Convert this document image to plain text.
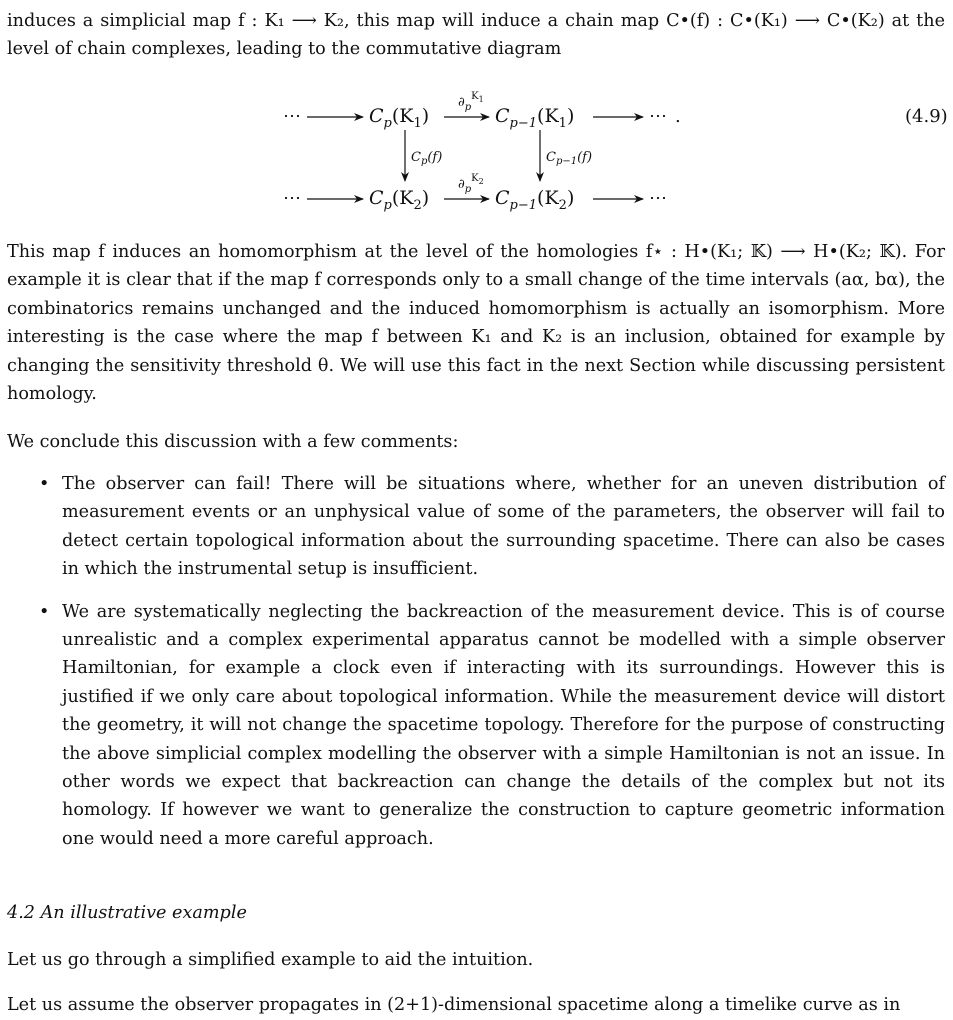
induces a simplicial map f : K₁ ⟶ K₂, this map will induce a chain map C•(f) : C•(K₁) ⟶ C•(K₂) at the level of chain complexes, leading to the commutative diagram

⋯	$C_p(K_1)$
$\partial_p^K_1$
$C_{p-1}(K_1)$	⋯ .	(4.9)
$C_p(f)$	$C_{p-1}(f)$
⋯	$C_p(K_2)$
$\partial_p^K_2$
$C_{p-1}(K_2)$	⋯

This map f induces an homomorphism at the level of the homologies f⋆ : H•(K₁; 𝕂) ⟶ H•(K₂; 𝕂). For example it is clear that if the map f corresponds only to a small change of the time intervals (aα, bα), the combinatorics remains unchanged and the induced homomorphism is actually an isomorphism. More interesting is the case where the map f between K₁ and K₂ is an inclusion, obtained for example by changing the sensitivity threshold θ. We will use this fact in the next Section while discussing persistent homology.

We conclude this discussion with a few comments:

• The observer can fail! There will be situations where, whether for an uneven distribution of measurement events or an unphysical value of some of the parameters, the observer will fail to detect certain topological information about the surrounding spacetime. There can also be cases in which the instrumental setup is insufficient.
• We are systematically neglecting the backreaction of the measurement device. This is of course unrealistic and a complex experimental apparatus cannot be modelled with a simple observer Hamiltonian, for example a clock even if interacting with its surroundings. However this is justified if we only care about topological information. While the measurement device will distort the geometry, it will not change the spacetime topology. Therefore for the purpose of constructing the above simplicial complex modelling the observer with a simple Hamiltonian is not an issue. In other words we expect that backreaction can change the details of the complex but not its homology. If however we want to generalize the construction to capture geometric information one would need a more careful approach.
4.2 An illustrative example

Let us go through a simplified example to aid the intuition.

Let us assume the observer propagates in (2+1)-dimensional spacetime along a timelike curve as in
